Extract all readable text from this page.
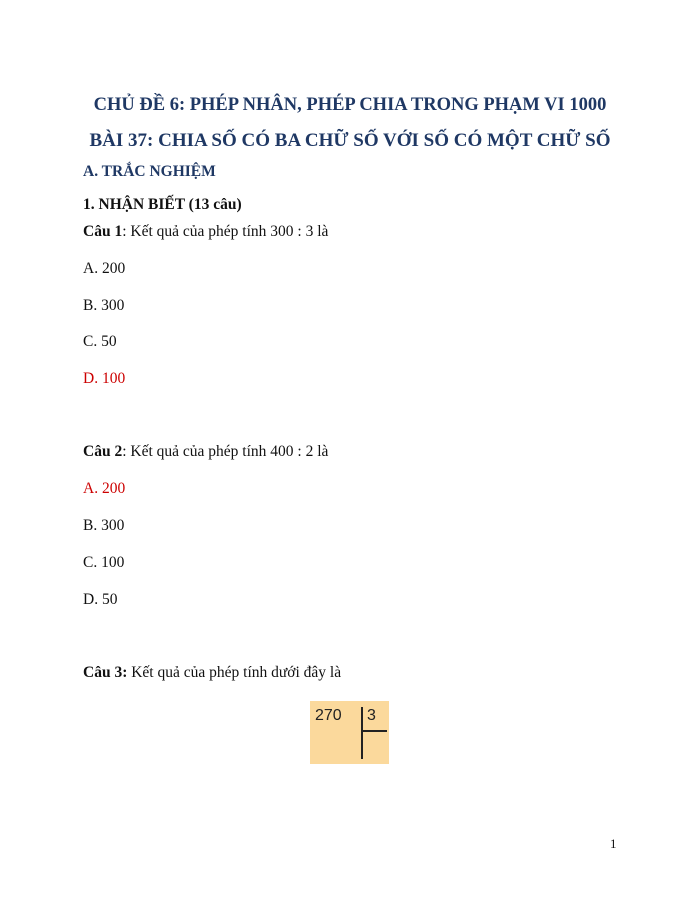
CHỦ ĐỀ 6: PHÉP NHÂN, PHÉP CHIA TRONG PHẠM VI 1000
BÀI 37: CHIA SỐ CÓ BA CHỮ SỐ VỚI SỐ CÓ MỘT CHỮ SỐ
A. TRẮC NGHIỆM
1. NHẬN BIẾT (13 câu)
Câu 1: Kết quả của phép tính 300 : 3 là
A. 200
B. 300
C. 50
D. 100
Câu 2: Kết quả của phép tính 400 : 2 là
A. 200
B. 300
C. 100
D. 50
Câu 3: Kết quả của phép tính dưới đây là
270 3
1
